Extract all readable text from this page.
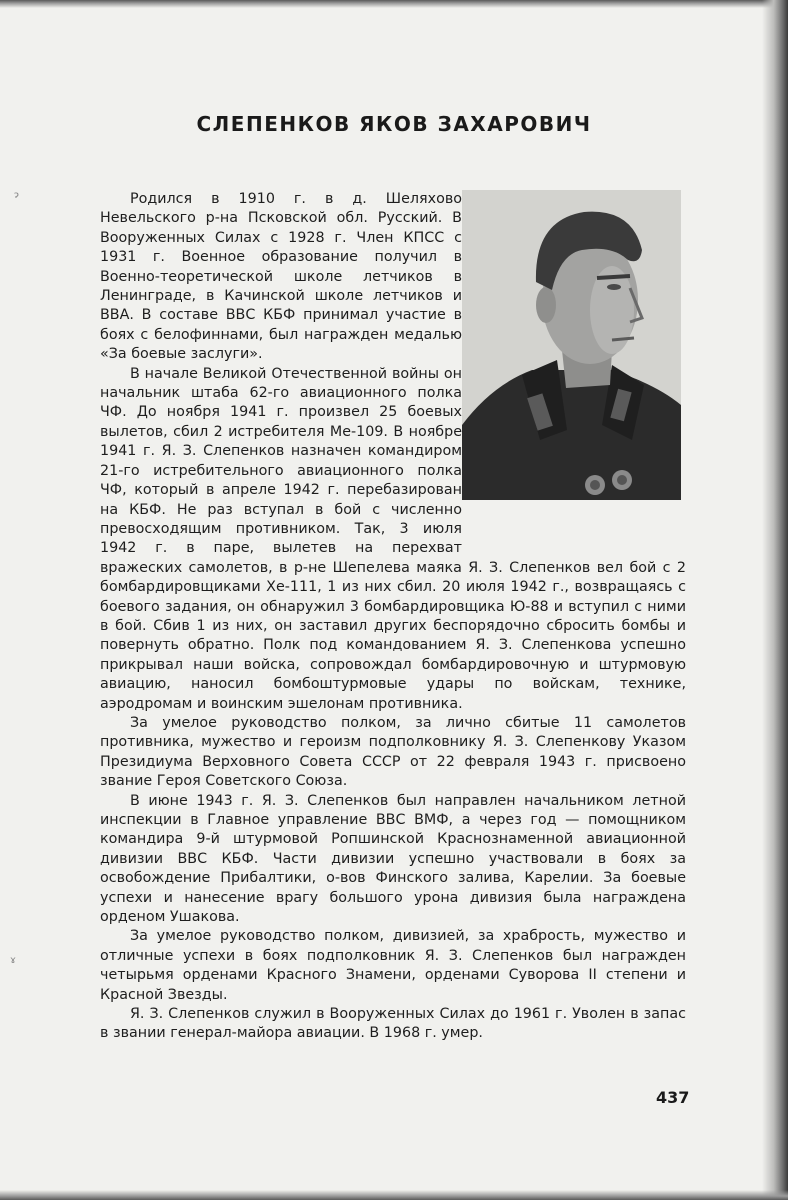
ɂ
ɤ
СЛЕПЕНКОВ ЯКОВ ЗАХАРОВИЧ

Родился в 1910 г. в д. Шеляхово Невельского р-на Псковской обл. Русский. В Вооруженных Силах с 1928 г. Член КПСС с 1931 г. Военное образование получил в Военно-теоретической школе летчиков в Ленинграде, в Качинской школе летчиков и ВВА. В составе ВВС КБФ принимал участие в боях с белофиннами, был награжден медалью «За боевые заслуги».

В начале Великой Отечественной войны он начальник штаба 62-го авиационного полка ЧФ. До ноября 1941 г. произвел 25 боевых вылетов, сбил 2 истребителя Ме-109. В ноябре 1941 г. Я. З. Слепенков назначен командиром 21-го истребительного авиационного полка ЧФ, который в апреле 1942 г. перебазирован на КБФ. Не раз вступал в бой с численно превосходящим противником. Так, 3 июля 1942 г. в паре, вылетев на перехват вражеских самолетов, в р-не Шепелева маяка Я. З. Слепенков вел бой с 2 бомбардировщиками Хе-111, 1 из них сбил. 20 июля 1942 г., возвращаясь с боевого задания, он обнаружил 3 бомбардировщика Ю-88 и вступил с ними в бой. Сбив 1 из них, он заставил других беспорядочно сбросить бомбы и повернуть обратно. Полк под командованием Я. З. Слепенкова успешно прикрывал наши войска, сопровождал бомбардировочную и штурмовую авиацию, наносил бомбоштурмовые удары по войскам, технике, аэродромам и воинским эшелонам противника.

За умелое руководство полком, за лично сбитые 11 самолетов противника, мужество и героизм подполковнику Я. З. Слепенкову Указом Президиума Верховного Совета СССР от 22 февраля 1943 г. присвоено звание Героя Советского Союза.

В июне 1943 г. Я. З. Слепенков был направлен начальником летной инспекции в Главное управление ВВС ВМФ, а через год — помощником командира 9-й штурмовой Ропшинской Краснознаменной авиационной дивизии ВВС КБФ. Части дивизии успешно участвовали в боях за освобождение Прибалтики, о-вов Финского залива, Карелии. За боевые успехи и нанесение врагу большого урона дивизия была награждена орденом Ушакова.

За умелое руководство полком, дивизией, за храбрость, мужество и отличные успехи в боях подполковник Я. З. Слепенков был награжден четырьмя орденами Красного Знамени, орденами Суворова II степени и Красной Звезды.

Я. З. Слепенков служил в Вооруженных Силах до 1961 г. Уволен в запас в звании генерал-майора авиации. В 1968 г. умер.

437
